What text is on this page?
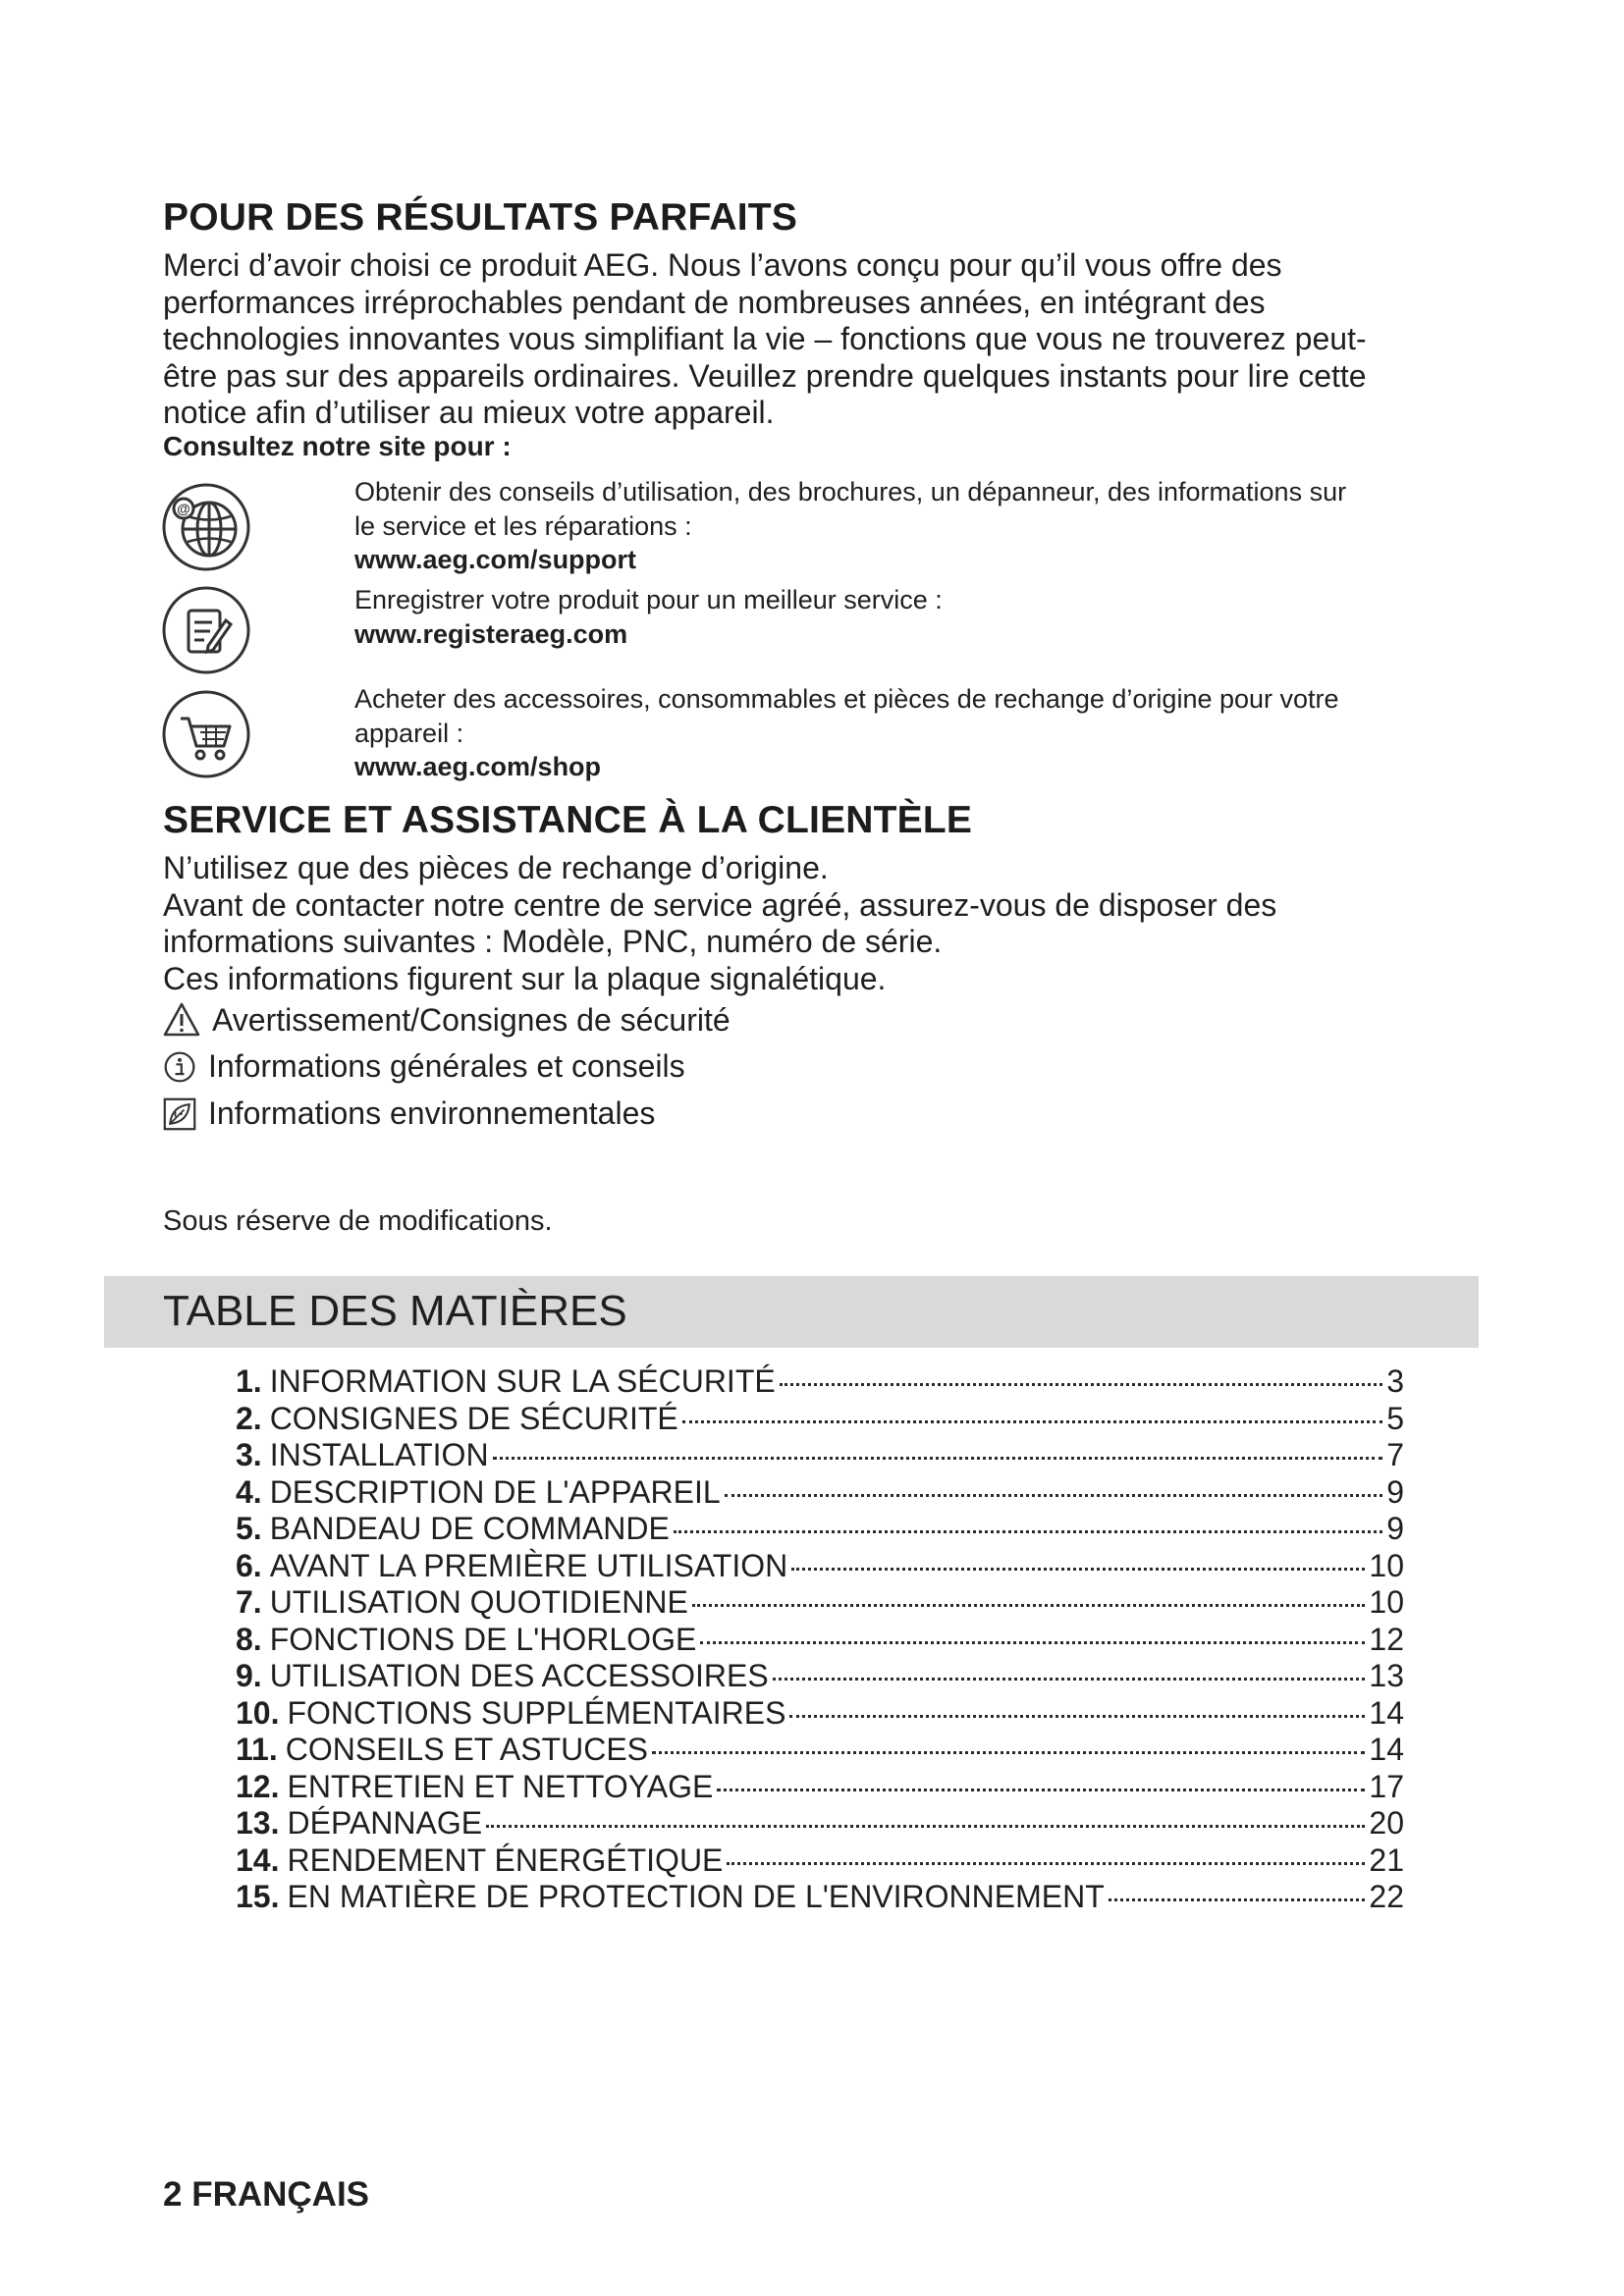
POUR DES RÉSULTATS PARFAITS

Merci d’avoir choisi ce produit AEG. Nous l’avons conçu pour qu’il vous offre des

performances irréprochables pendant de nombreuses années, en intégrant des

technologies innovantes vous simplifiant la vie – fonctions que vous ne trouverez peut-

être pas sur des appareils ordinaires. Veuillez prendre quelques instants pour lire cette

notice afin d’utiliser au mieux votre appareil.

Consultez notre site pour :
@
Obtenir des conseils d’utilisation, des brochures, un dépanneur, des informations sur
le service et les réparations :
www.aeg.com/support
Enregistrer votre produit pour un meilleur service :
www.registeraeg.com
Acheter des accessoires, consommables et pièces de rechange d’origine pour votre
appareil :
www.aeg.com/shop
SERVICE ET ASSISTANCE À LA CLIENTÈLE

N’utilisez que des pièces de rechange d’origine.

Avant de contacter notre centre de service agréé, assurez-vous de disposer des

informations suivantes : Modèle, PNC, numéro de série.

Ces informations figurent sur la plaque signalétique.

Avertissement/Consignes de sécurité
Informations générales et conseils
Informations environnementales
Sous réserve de modifications.
TABLE DES MATIÈRES
1. INFORMATION SUR LA SÉCURITÉ	3
2. CONSIGNES DE SÉCURITÉ	5
3. INSTALLATION	7
4. DESCRIPTION DE L'APPAREIL	9
5. BANDEAU DE COMMANDE	9
6. AVANT LA PREMIÈRE UTILISATION	10
7. UTILISATION QUOTIDIENNE	10
8. FONCTIONS DE L'HORLOGE	12
9. UTILISATION DES ACCESSOIRES	13
10. FONCTIONS SUPPLÉMENTAIRES	14
11. CONSEILS ET ASTUCES	14
12. ENTRETIEN ET NETTOYAGE	17
13. DÉPANNAGE	20
14. RENDEMENT ÉNERGÉTIQUE	21
15. EN MATIÈRE DE PROTECTION DE L'ENVIRONNEMENT	22
2 FRANÇAIS
